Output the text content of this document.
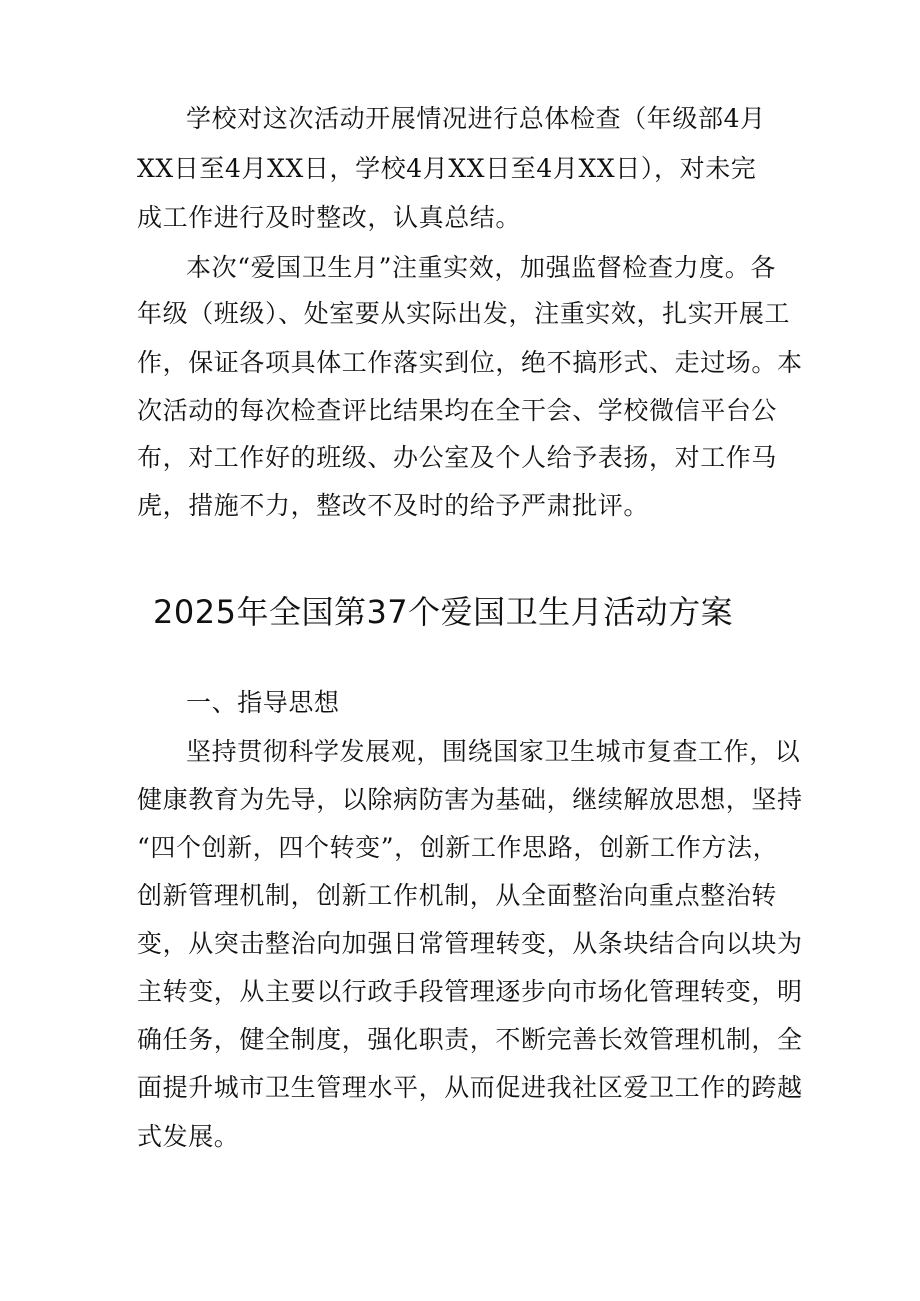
学校对这次活动开展情况进行总体检查（年级部4月
XX日至4月XX日，学校4月XX日至4月XX日），对未完
成工作进行及时整改，认真总结。
本次“爱国卫生月”注重实效，加强监督检查力度。各
年级（班级）、处室要从实际出发，注重实效，扎实开展工
作，保证各项具体工作落实到位，绝不搞形式、走过场。本
次活动的每次检查评比结果均在全干会、学校微信平台公
布，对工作好的班级、办公室及个人给予表扬，对工作马
虎，措施不力，整改不及时的给予严肃批评。
2025年全国第37个爱国卫生月活动方案
一、指导思想
坚持贯彻科学发展观，围绕国家卫生城市复查工作，以
健康教育为先导，以除病防害为基础，继续解放思想，坚持
“四个创新，四个转变”，创新工作思路，创新工作方法，
创新管理机制，创新工作机制，从全面整治向重点整治转
变，从突击整治向加强日常管理转变，从条块结合向以块为
主转变，从主要以行政手段管理逐步向市场化管理转变，明
确任务，健全制度，强化职责，不断完善长效管理机制，全
面提升城市卫生管理水平，从而促进我社区爱卫工作的跨越
式发展。
